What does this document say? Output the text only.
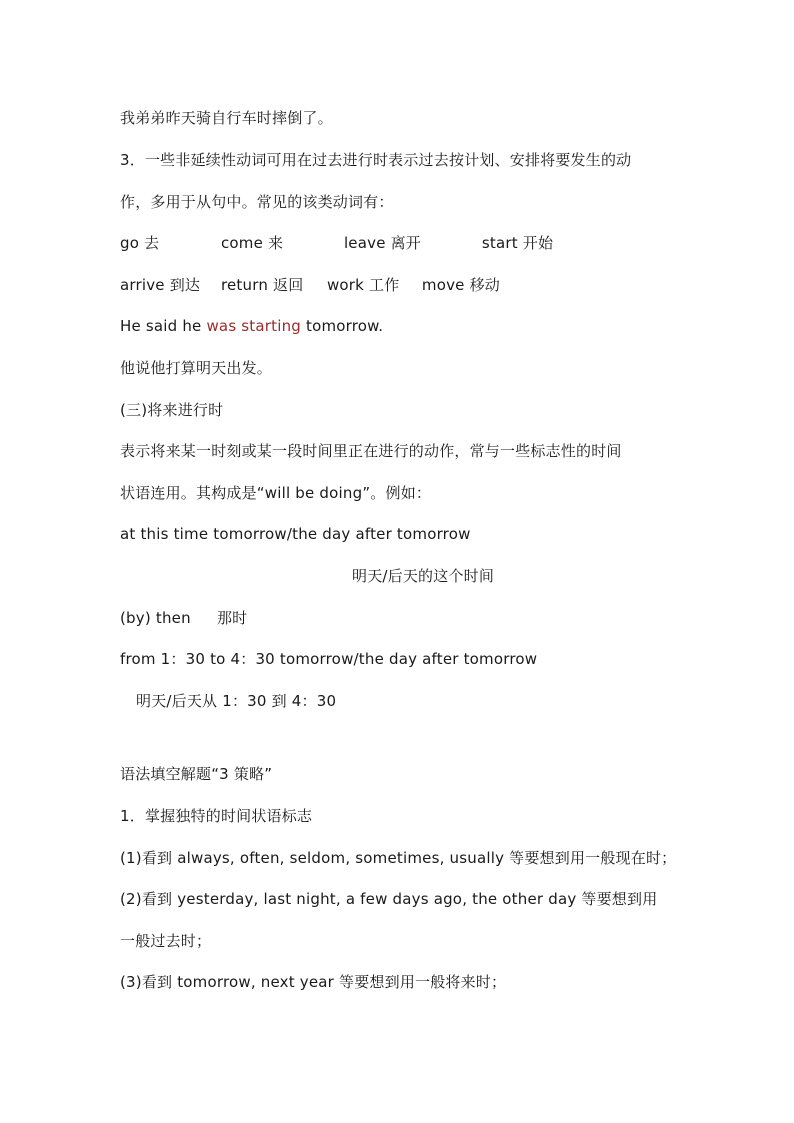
我弟弟昨天骑自行车时摔倒了。
3．一些非延续性动词可用在过去进行时表示过去按计划、安排将要发生的动
作，多用于从句中。常见的该类动词有：
go 去	come 来	leave 离开	start 开始
arrive 到达 return 返回 work 工作 move 移动
He said he was starting tomorrow.
他说他打算明天出发。
(三)将来进行时
表示将来某一时刻或某一段时间里正在进行的动作，常与一些标志性的时间
状语连用。其构成是“will be doing”。例如：
at this time tomorrow/the day after tomorrow
明天/后天的这个时间
(by) then 那时
from 1：30 to 4：30 tomorrow/the day after tomorrow
明天/后天从 1：30 到 4：30
语法填空解题“3 策略”
1．掌握独特的时间状语标志
(1)看到 always, often, seldom, sometimes, usually 等要想到用一般现在时；
(2)看到 yesterday, last night, a few days ago, the other day 等要想到用
一般过去时；
(3)看到 tomorrow, next year 等要想到用一般将来时；
